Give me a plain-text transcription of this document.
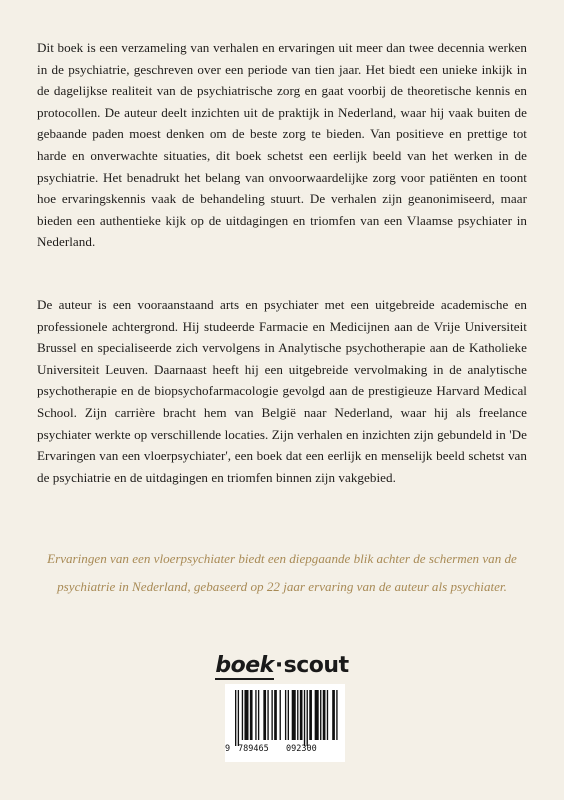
Dit boek is een verzameling van verhalen en ervaringen uit meer dan twee decennia werken in de psychiatrie, geschreven over een periode van tien jaar. Het biedt een unieke inkijk in de dagelijkse realiteit van de psychiatrische zorg en gaat voorbij de theoretische kennis en protocollen. De auteur deelt inzichten uit de praktijk in Nederland, waar hij vaak buiten de gebaande paden moest denken om de beste zorg te bieden. Van positieve en prettige tot harde en onverwachte situaties, dit boek schetst een eerlijk beeld van het werken in de psychiatrie. Het benadrukt het belang van onvoorwaardelijke zorg voor patiënten en toont hoe ervaringskennis vaak de behandeling stuurt. De verhalen zijn geanonimiseerd, maar bieden een authentieke kijk op de uitdagingen en triomfen van een Vlaamse psychiater in Nederland.

De auteur is een vooraanstaand arts en psychiater met een uitgebreide academische en professionele achtergrond. Hij studeerde Farmacie en Medicijnen aan de Vrije Universiteit Brussel en specialiseerde zich vervolgens in Analytische psychotherapie aan de Katholieke Universiteit Leuven. Daarnaast heeft hij een uitgebreide vervolmaking in de analytische psychotherapie en de biopsychofarmacologie gevolgd aan de prestigieuze Harvard Medical School. Zijn carrière bracht hem van België naar Nederland, waar hij als freelance psychiater werkte op verschillende locaties. Zijn verhalen en inzichten zijn gebundeld in 'De Ervaringen van een vloerpsychiater', een boek dat een eerlijk en menselijk beeld schetst van de psychiatrie en de uitdagingen en triomfen binnen zijn vakgebied.

Ervaringen van een vloerpsychiater biedt een diepgaande blik achter de schermen van de psychiatrie in Nederland, gebaseerd op 22 jaar ervaring van de auteur als psychiater.

boek·scout
9 789465 092300
